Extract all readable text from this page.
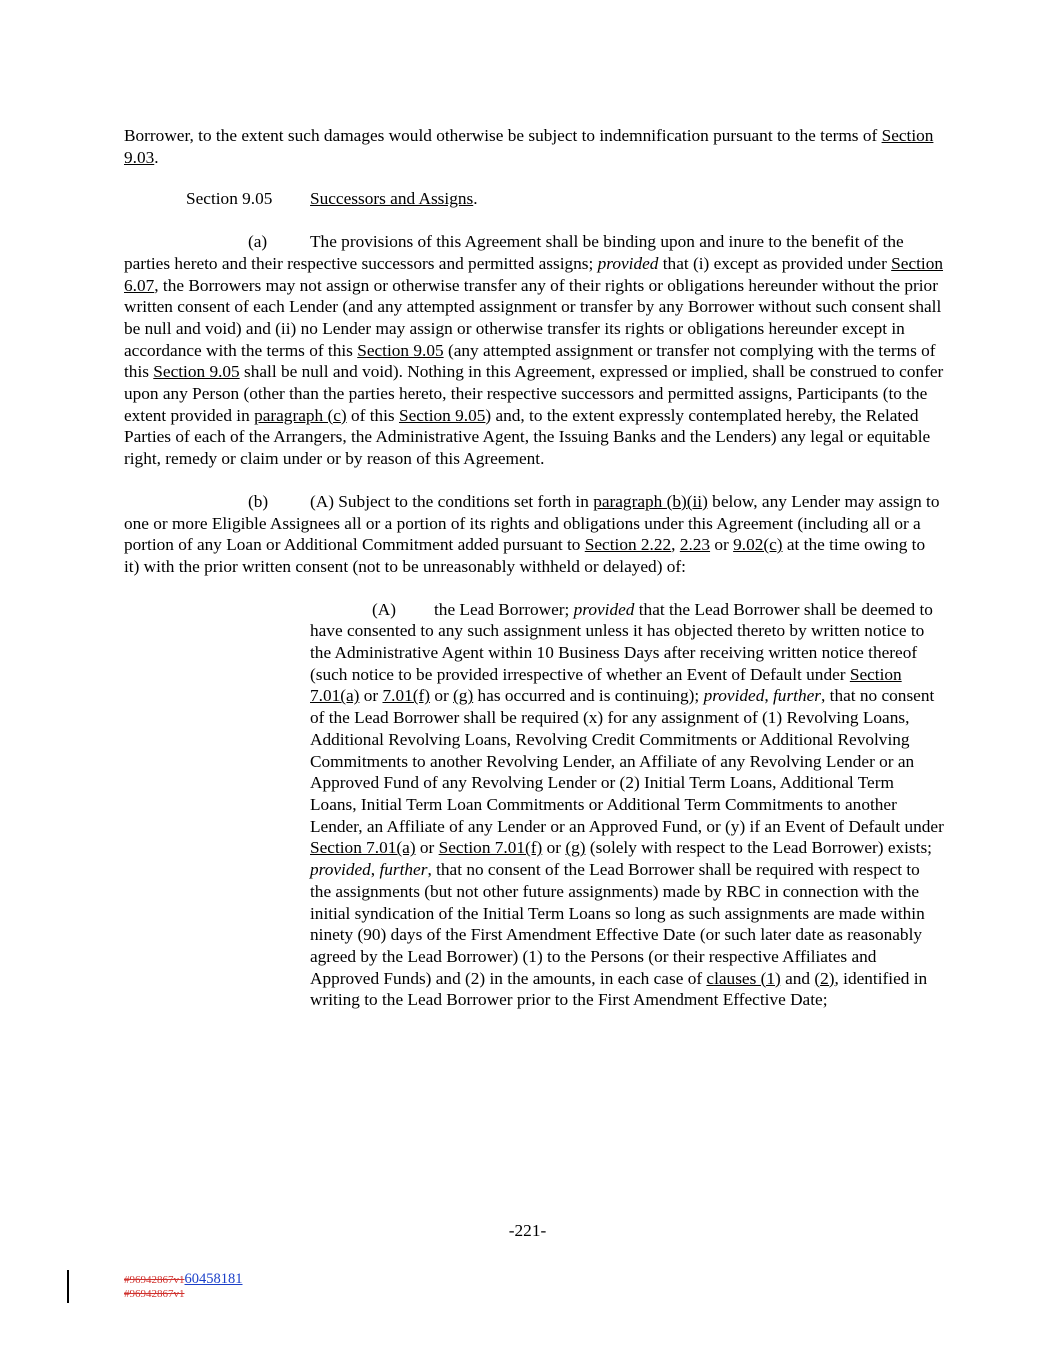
Borrower, to the extent such damages would otherwise be subject to indemnification pursuant to the terms of Section 9.03.

Section 9.05 Successors and Assigns.

(a) The provisions of this Agreement shall be binding upon and inure to the benefit of the parties hereto and their respective successors and permitted assigns; provided that (i) except as provided under Section 6.07, the Borrowers may not assign or otherwise transfer any of their rights or obligations hereunder without the prior written consent of each Lender (and any attempted assignment or transfer by any Borrower without such consent shall be null and void) and (ii) no Lender may assign or otherwise transfer its rights or obligations hereunder except in accordance with the terms of this Section 9.05 (any attempted assignment or transfer not complying with the terms of this Section 9.05 shall be null and void). Nothing in this Agreement, expressed or implied, shall be construed to confer upon any Person (other than the parties hereto, their respective successors and permitted assigns, Participants (to the extent provided in paragraph (c) of this Section 9.05) and, to the extent expressly contemplated hereby, the Related Parties of each of the Arrangers, the Administrative Agent, the Issuing Banks and the Lenders) any legal or equitable right, remedy or claim under or by reason of this Agreement.

(b) (A) Subject to the conditions set forth in paragraph (b)(ii) below, any Lender may assign to one or more Eligible Assignees all or a portion of its rights and obligations under this Agreement (including all or a portion of any Loan or Additional Commitment added pursuant to Section 2.22, 2.23 or 9.02(c) at the time owing to it) with the prior written consent (not to be unreasonably withheld or delayed) of:

(A) the Lead Borrower; provided that the Lead Borrower shall be deemed to have consented to any such assignment unless it has objected thereto by written notice to the Administrative Agent within 10 Business Days after receiving written notice thereof (such notice to be provided irrespective of whether an Event of Default under Section 7.01(a) or 7.01(f) or (g) has occurred and is continuing); provided, further, that no consent of the Lead Borrower shall be required (x) for any assignment of (1) Revolving Loans, Additional Revolving Loans, Revolving Credit Commitments or Additional Revolving Commitments to another Revolving Lender, an Affiliate of any Revolving Lender or an Approved Fund of any Revolving Lender or (2) Initial Term Loans, Additional Term Loans, Initial Term Loan Commitments or Additional Term Commitments to another Lender, an Affiliate of any Lender or an Approved Fund, or (y) if an Event of Default under Section 7.01(a) or Section 7.01(f) or (g) (solely with respect to the Lead Borrower) exists; provided, further, that no consent of the Lead Borrower shall be required with respect to the assignments (but not other future assignments) made by RBC in connection with the initial syndication of the Initial Term Loans so long as such assignments are made within ninety (90) days of the First Amendment Effective Date (or such later date as reasonably agreed by the Lead Borrower) (1) to the Persons (or their respective Affiliates and Approved Funds) and (2) in the amounts, in each case of clauses (1) and (2), identified in writing to the Lead Borrower prior to the First Amendment Effective Date;

-221-
#96942867v160458181
#96942867v1
